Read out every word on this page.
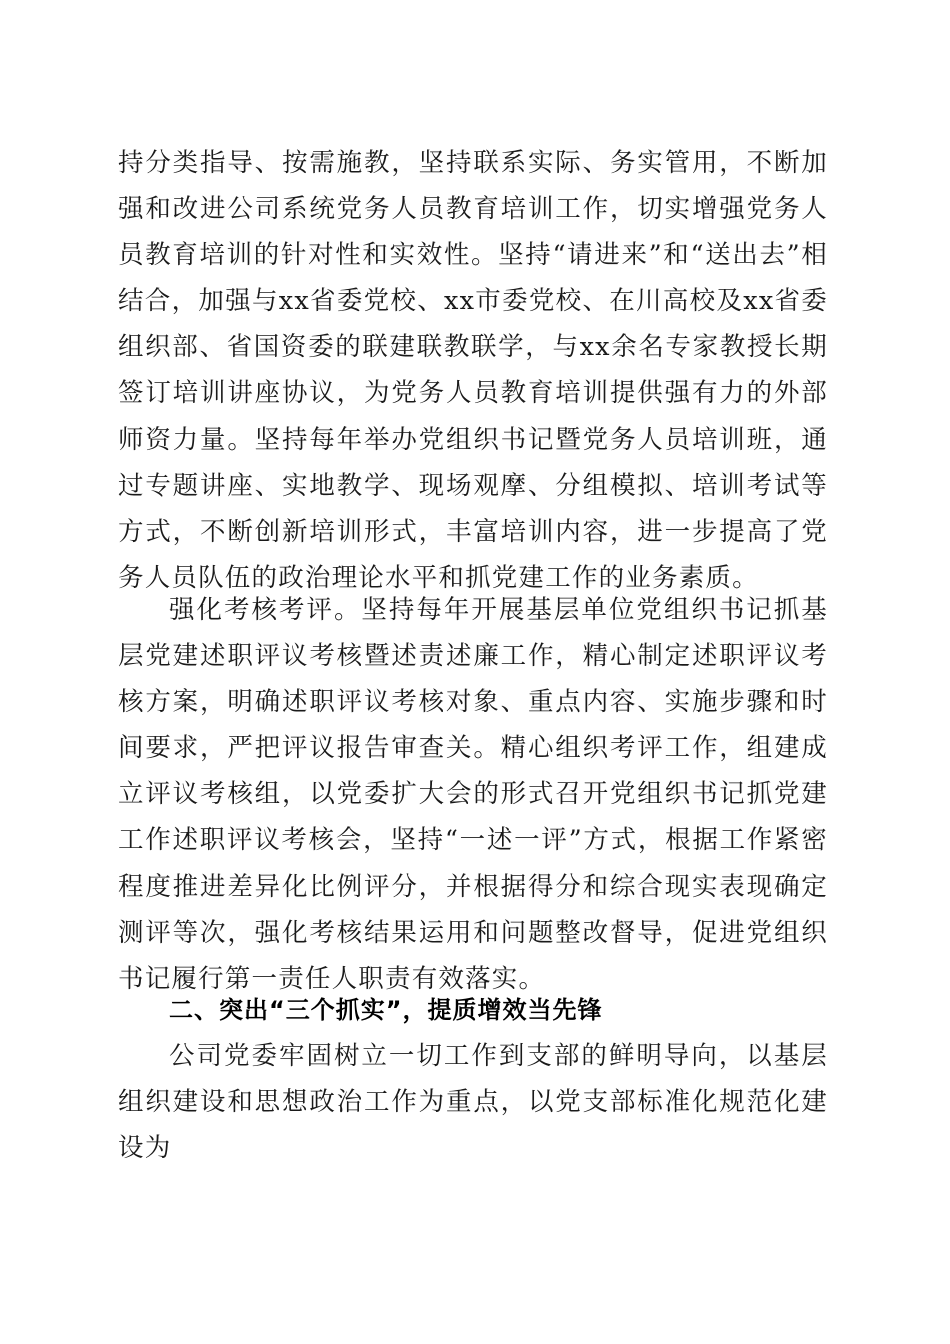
持分类指导、按需施教，坚持联系实际、务实管用，不断加强和改进公司系统党务人员教育培训工作，切实增强党务人员教育培训的针对性和实效性。坚持“请进来”和“送出去”相结合，加强与xx省委党校、xx市委党校、在川高校及xx省委组织部、省国资委的联建联教联学，与xx余名专家教授长期签订培训讲座协议，为党务人员教育培训提供强有力的外部师资力量。坚持每年举办党组织书记暨党务人员培训班，通过专题讲座、实地教学、现场观摩、分组模拟、培训考试等方式，不断创新培训形式，丰富培训内容，进一步提高了党务人员队伍的政治理论水平和抓党建工作的业务素质。

强化考核考评。坚持每年开展基层单位党组织书记抓基层党建述职评议考核暨述责述廉工作，精心制定述职评议考核方案，明确述职评议考核对象、重点内容、实施步骤和时间要求，严把评议报告审查关。精心组织考评工作，组建成立评议考核组，以党委扩大会的形式召开党组织书记抓党建工作述职评议考核会，坚持“一述一评”方式，根据工作紧密程度推进差异化比例评分，并根据得分和综合现实表现确定测评等次，强化考核结果运用和问题整改督导，促进党组织书记履行第一责任人职责有效落实。

二、突出“三个抓实”，提质增效当先锋

公司党委牢固树立一切工作到支部的鲜明导向，以基层组织建设和思想政治工作为重点，以党支部标准化规范化建设为
